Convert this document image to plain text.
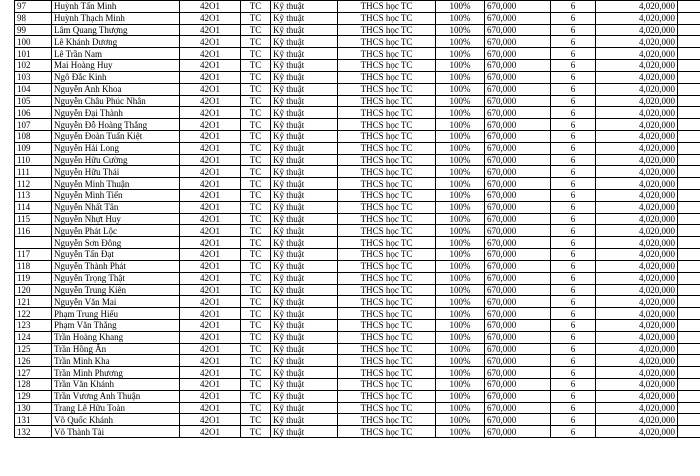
97	Huỳnh Tấn Minh	42O1	TC	Kỹ thuật	THCS học TC	100%	670,000	6	4,020,000	
98	Huỳnh Thạch Minh	42O1	TC	Kỹ thuật	THCS học TC	100%	670,000	6	4,020,000	
99	Lâm Quang Thượng	42O1	TC	Kỹ thuật	THCS học TC	100%	670,000	6	4,020,000	
100	Lê Khánh Dương	42O1	TC	Kỹ thuật	THCS học TC	100%	670,000	6	4,020,000	
101	Lê Trần Nam	42O1	TC	Kỹ thuật	THCS học TC	100%	670,000	6	4,020,000	
102	Mai Hoàng Huy	42O1	TC	Kỹ thuật	THCS học TC	100%	670,000	6	4,020,000	
103	Ngô Đắc Kinh	42O1	TC	Kỹ thuật	THCS học TC	100%	670,000	6	4,020,000	
104	Nguyễn Anh Khoa	42O1	TC	Kỹ thuật	THCS học TC	100%	670,000	6	4,020,000	
105	Nguyễn Châu Phúc Nhân	42O1	TC	Kỹ thuật	THCS học TC	100%	670,000	6	4,020,000	
106	Nguyễn Đại Thành	42O1	TC	Kỹ thuật	THCS học TC	100%	670,000	6	4,020,000	
107	Nguyễn Đỗ Hoàng Thắng	42O1	TC	Kỹ thuật	THCS học TC	100%	670,000	6	4,020,000	
108	Nguyễn Đoàn Tuấn Kiệt	42O1	TC	Kỹ thuật	THCS học TC	100%	670,000	6	4,020,000	
109	Nguyễn Hải Long	42O1	TC	Kỹ thuật	THCS học TC	100%	670,000	6	4,020,000	
110	Nguyễn Hữu Cường	42O1	TC	Kỹ thuật	THCS học TC	100%	670,000	6	4,020,000	
111	Nguyễn Hữu Thái	42O1	TC	Kỹ thuật	THCS học TC	100%	670,000	6	4,020,000	
112	Nguyễn Minh Thuận	42O1	TC	Kỹ thuật	THCS học TC	100%	670,000	6	4,020,000	
113	Nguyễn Minh Tiến	42O1	TC	Kỹ thuật	THCS học TC	100%	670,000	6	4,020,000	
114	Nguyễn Nhất Tân	42O1	TC	Kỹ thuật	THCS học TC	100%	670,000	6	4,020,000	
115	Nguyễn Nhựt Huy	42O1	TC	Kỹ thuật	THCS học TC	100%	670,000	6	4,020,000	
116	Nguyễn Phát Lộc	42O1	TC	Kỹ thuật	THCS học TC	100%	670,000	6	4,020,000	
	Nguyễn Sơn Đông	42O1	TC	Kỹ thuật	THCS học TC	100%	670,000	6	4,020,000	
117	Nguyễn Tấn Đạt	42O1	TC	Kỹ thuật	THCS học TC	100%	670,000	6	4,020,000	
118	Nguyễn Thành Phát	42O1	TC	Kỹ thuật	THCS học TC	100%	670,000	6	4,020,000	
119	Nguyễn Trọng Thật	42O1	TC	Kỹ thuật	THCS học TC	100%	670,000	6	4,020,000	
120	Nguyễn Trung Kiên	42O1	TC	Kỹ thuật	THCS học TC	100%	670,000	6	4,020,000	
121	Nguyễn Văn Mai	42O1	TC	Kỹ thuật	THCS học TC	100%	670,000	6	4,020,000	
122	Phạm Trung Hiếu	42O1	TC	Kỹ thuật	THCS học TC	100%	670,000	6	4,020,000	
123	Phạm Văn Thắng	42O1	TC	Kỹ thuật	THCS học TC	100%	670,000	6	4,020,000	
124	Trần Hoàng Khang	42O1	TC	Kỹ thuật	THCS học TC	100%	670,000	6	4,020,000	
125	Trần Hồng Ân	42O1	TC	Kỹ thuật	THCS học TC	100%	670,000	6	4,020,000	
126	Trần Minh Kha	42O1	TC	Kỹ thuật	THCS học TC	100%	670,000	6	4,020,000	
127	Trần Minh Phương	42O1	TC	Kỹ thuật	THCS học TC	100%	670,000	6	4,020,000	
128	Trần Văn Khánh	42O1	TC	Kỹ thuật	THCS học TC	100%	670,000	6	4,020,000	
129	Trần Vương Anh Thuận	42O1	TC	Kỹ thuật	THCS học TC	100%	670,000	6	4,020,000	
130	Trang Lê Hữu Toàn	42O1	TC	Kỹ thuật	THCS học TC	100%	670,000	6	4,020,000	
131	Võ Quốc Khánh	42O1	TC	Kỹ thuật	THCS học TC	100%	670,000	6	4,020,000	
132	Võ Thành Tài	42O1	TC	Kỹ thuật	THCS học TC	100%	670,000	6	4,020,000	
